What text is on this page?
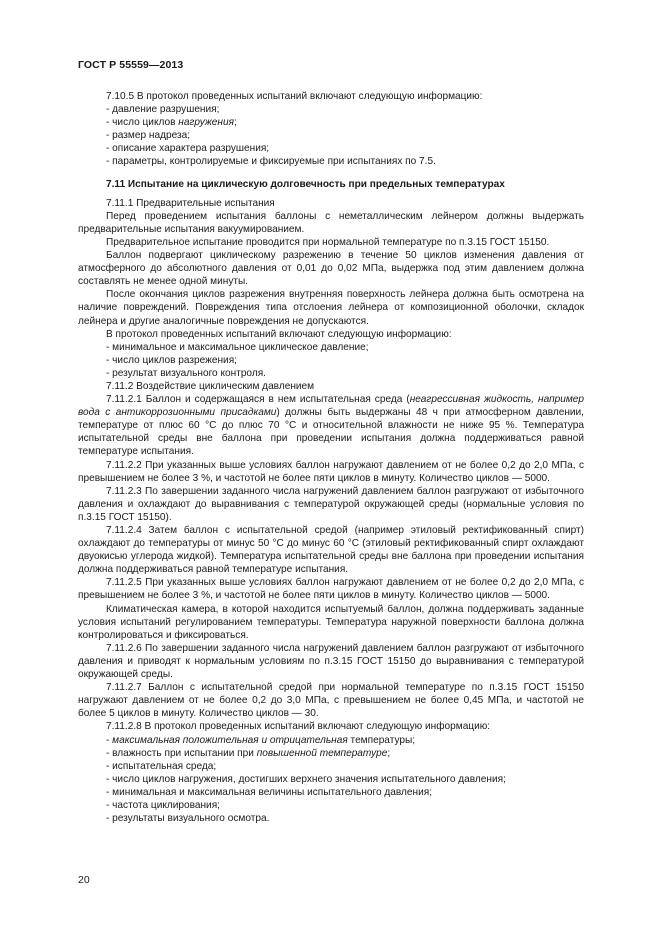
ГОСТ Р 55559—2013

7.10.5 В протокол проведенных испытаний включают следующую информацию:

- давление разрушения;

- число циклов нагружения;

- размер надреза;

- описание характера разрушения;

- параметры, контролируемые и фиксируемые при испытаниях по 7.5.

7.11 Испытание на циклическую долговечность при предельных температурах

7.11.1 Предварительные испытания

Перед проведением испытания баллоны с неметаллическим лейнером должны выдержать предварительные испытания вакуумированием.

Предварительное испытание проводится при нормальной температуре по п.3.15 ГОСТ 15150.

Баллон подвергают циклическому разрежению в течение 50 циклов изменения давления от атмосферного до абсолютного давления от 0,01 до 0,02 МПа, выдержка под этим давлением должна составлять не менее одной минуты.

После окончания циклов разрежения внутренняя поверхность лейнера должна быть осмотрена на наличие повреждений. Повреждения типа отслоения лейнера от композиционной оболочки, складок лейнера и другие аналогичные повреждения не допускаются.

В протокол проведенных испытаний включают следующую информацию:

- минимальное и максимальное циклическое давление;

- число циклов разрежения;

- результат визуального контроля.

7.11.2 Воздействие циклическим давлением

7.11.2.1 Баллон и содержащаяся в нем испытательная среда (неагрессивная жидкость, например вода с антикоррозионными присадками) должны быть выдержаны 48 ч при атмосферном давлении, температуре от плюс 60 °С до плюс 70 °С и относительной влажности не ниже 95 %. Температура испытательной среды вне баллона при проведении испытания должна поддерживаться равной температуре испытания.

7.11.2.2 При указанных выше условиях баллон нагружают давлением от не более 0,2 до 2,0 МПа, с превышением не более 3 %, и частотой не более пяти циклов в минуту. Количество циклов — 5000.

7.11.2.3 По завершении заданного числа нагружений давлением баллон разгружают от избыточного давления и охлаждают до выравнивания с температурой окружающей среды (нормальные условия по п.3.15 ГОСТ 15150).

7.11.2.4 Затем баллон с испытательной средой (например этиловый ректификованный спирт) охлаждают до температуры от минус 50 °С до минус 60 °С (этиловый ректификованный спирт охлаждают двуокисью углерода жидкой). Температура испытательной среды вне баллона при проведении испытания должна поддерживаться равной температуре испытания.

7.11.2.5 При указанных выше условиях баллон нагружают давлением от не более 0,2 до 2,0 МПа, с превышением не более 3 %, и частотой не более пяти циклов в минуту. Количество циклов — 5000.

Климатическая камера, в которой находится испытуемый баллон, должна поддерживать заданные условия испытаний регулированием температуры. Температура наружной поверхности баллона должна контролироваться и фиксироваться.

7.11.2.6 По завершении заданного числа нагружений давлением баллон разгружают от избыточного давления и приводят к нормальным условиям по п.3.15 ГОСТ 15150 до выравнивания с температурой окружающей среды.

7.11.2.7 Баллон с испытательной средой при нормальной температуре по п.3.15 ГОСТ 15150 нагружают давлением от не более 0,2 до 3,0 МПа, с превышением не более 0,45 МПа, и частотой не более 5 циклов в минуту. Количество циклов — 30.

7.11.2.8 В протокол проведенных испытаний включают следующую информацию:

- максимальная положительная и отрицательная температуры;

- влажность при испытании при повышенной температуре;

- испытательная среда;

- число циклов нагружения, достигших верхнего значения испытательного давления;

- минимальная и максимальная величины испытательного давления;

- частота циклирования;

- результаты визуального осмотра.

20
